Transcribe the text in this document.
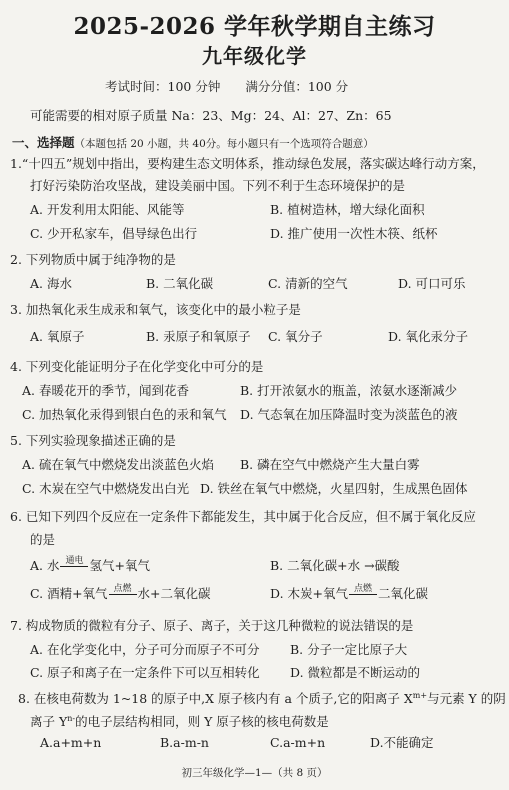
2025-2026 学年秋学期自主练习
九年级化学
考试时间：100 分钟　　满分分值：100 分
可能需要的相对原子质量 Na：23、Mg：24、Al：27、Zn：65
一、选择题（本题包括 20 小题，共 40分。每小题只有一个选项符合题意）
1.“十四五”规划中指出，要构建生态文明体系，推动绿色发展，落实碳达峰行动方案，
打好污染防治攻坚战，建设美丽中国。下列不利于生态环境保护的是
A. 开发利用太阳能、风能等	B. 植树造林，增大绿化面积
C. 少开私家车，倡导绿色出行	D. 推广使用一次性木筷、纸杯
2. 下列物质中属于纯净物的是
A. 海水	B. 二氧化碳	C. 清新的空气	D. 可口可乐
3. 加热氧化汞生成汞和氧气，该变化中的最小粒子是
A. 氧原子	B. 汞原子和氧原子 C. 氧分子	D. 氧化汞分子
4. 下列变化能证明分子在化学变化中可分的是
A. 春暖花开的季节，闻到花香	B. 打开浓氨水的瓶盖，浓氨水逐渐减少
C. 加热氧化汞得到银白色的汞和氧气 D. 气态氧在加压降温时变为淡蓝色的液
5. 下列实验现象描述正确的是
A. 硫在氧气中燃烧发出淡蓝色火焰 B. 磷在空气中燃烧产生大量白雾
C. 木炭在空气中燃烧发出白光 D. 铁丝在氧气中燃烧，火星四射，生成黑色固体
6. 已知下列四个反应在一定条件下都能发生，其中属于化合反应，但不属于氧化反应
的是
A. 水 通电 氢气+氧气	B. 二氧化碳+水 →碳酸
C. 酒精+氧气 点燃 水+二氧化碳	D. 木炭+氧气 点燃 二氧化碳
7. 构成物质的微粒有分子、原子、离子，关于这几种微粒的说法错误的是
A. 在化学变化中，分子可分而原子不可分 B. 分子一定比原子大
C. 原子和离子在一定条件下可以互相转化 D. 微粒都是不断运动的
8. 在核电荷数为 1~18 的原子中,X 原子核内有 a 个质子,它的阳离子 $X^{m+}$与元素 Y 的阴
离子 $Y^{n-}$的电子层结构相同，则 Y 原子核的核电荷数是
A.a+m+n	B.a-m-n	C.a-m+n	D.不能确定
初三年级化学—1—（共 8 页）
